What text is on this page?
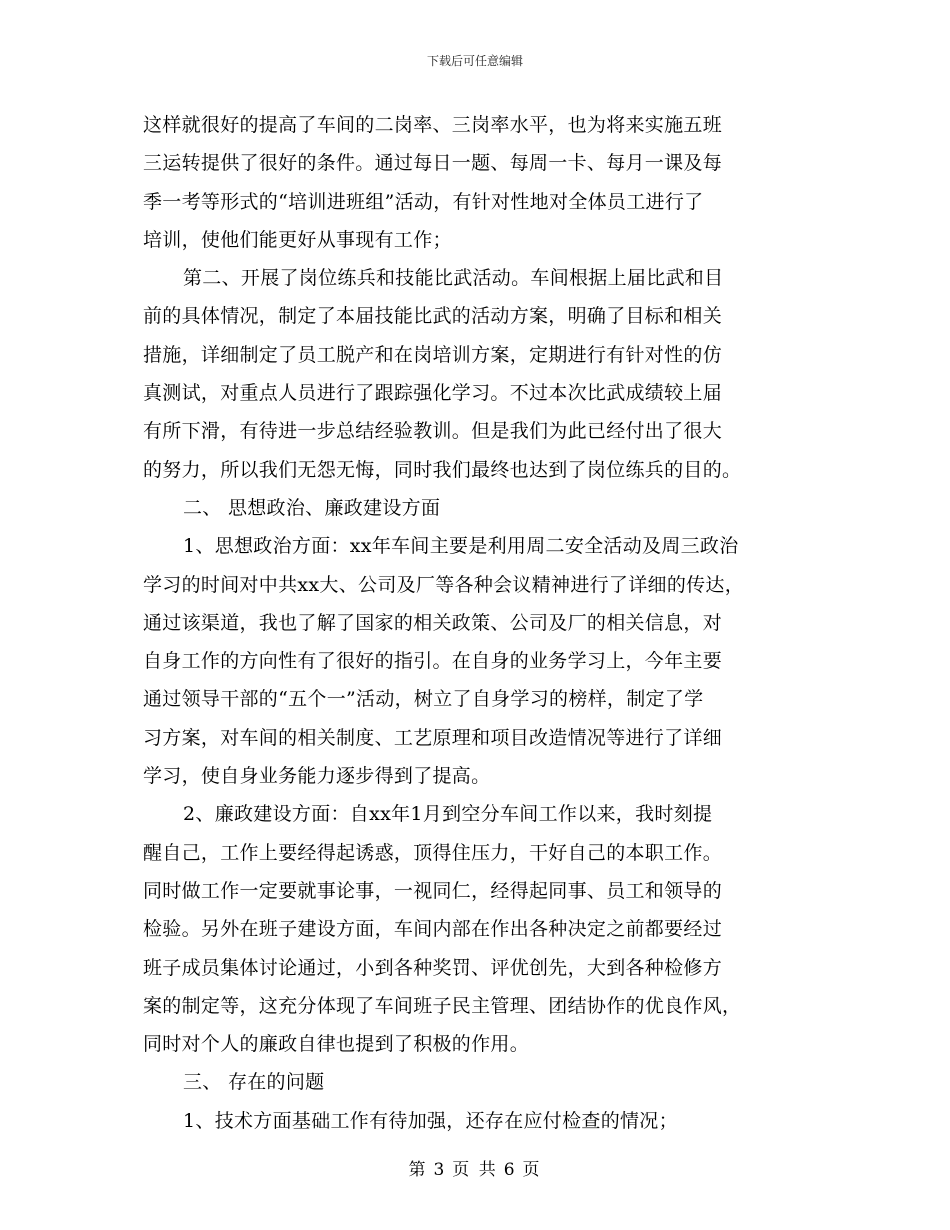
下载后可任意编辑
这样就很好的提高了车间的二岗率、三岗率水平，也为将来实施五班
三运转提供了很好的条件。通过每日一题、每周一卡、每月一课及每
季一考等形式的“培训进班组”活动，有针对性地对全体员工进行了
培训，使他们能更好从事现有工作；
第二、开展了岗位练兵和技能比武活动。车间根据上届比武和目
前的具体情况，制定了本届技能比武的活动方案，明确了目标和相关
措施，详细制定了员工脱产和在岗培训方案，定期进行有针对性的仿
真测试，对重点人员进行了跟踪强化学习。不过本次比武成绩较上届
有所下滑，有待进一步总结经验教训。但是我们为此已经付出了很大
的努力，所以我们无怨无悔，同时我们最终也达到了岗位练兵的目的。
二、 思想政治、廉政建设方面
1、思想政治方面：xx年车间主要是利用周二安全活动及周三政治
学习的时间对中共xx大、公司及厂等各种会议精神进行了详细的传达，
通过该渠道，我也了解了国家的相关政策、公司及厂的相关信息，对
自身工作的方向性有了很好的指引。在自身的业务学习上，今年主要
通过领导干部的“五个一”活动，树立了自身学习的榜样，制定了学
习方案，对车间的相关制度、工艺原理和项目改造情况等进行了详细
学习，使自身业务能力逐步得到了提高。
2、廉政建设方面：自xx年1月到空分车间工作以来，我时刻提
醒自己，工作上要经得起诱惑，顶得住压力，干好自己的本职工作。
同时做工作一定要就事论事，一视同仁，经得起同事、员工和领导的
检验。另外在班子建设方面，车间内部在作出各种决定之前都要经过
班子成员集体讨论通过，小到各种奖罚、评优创先，大到各种检修方
案的制定等，这充分体现了车间班子民主管理、团结协作的优良作风，
同时对个人的廉政自律也提到了积极的作用。
三、 存在的问题
1、技术方面基础工作有待加强，还存在应付检查的情况；
第 3 页 共 6 页
